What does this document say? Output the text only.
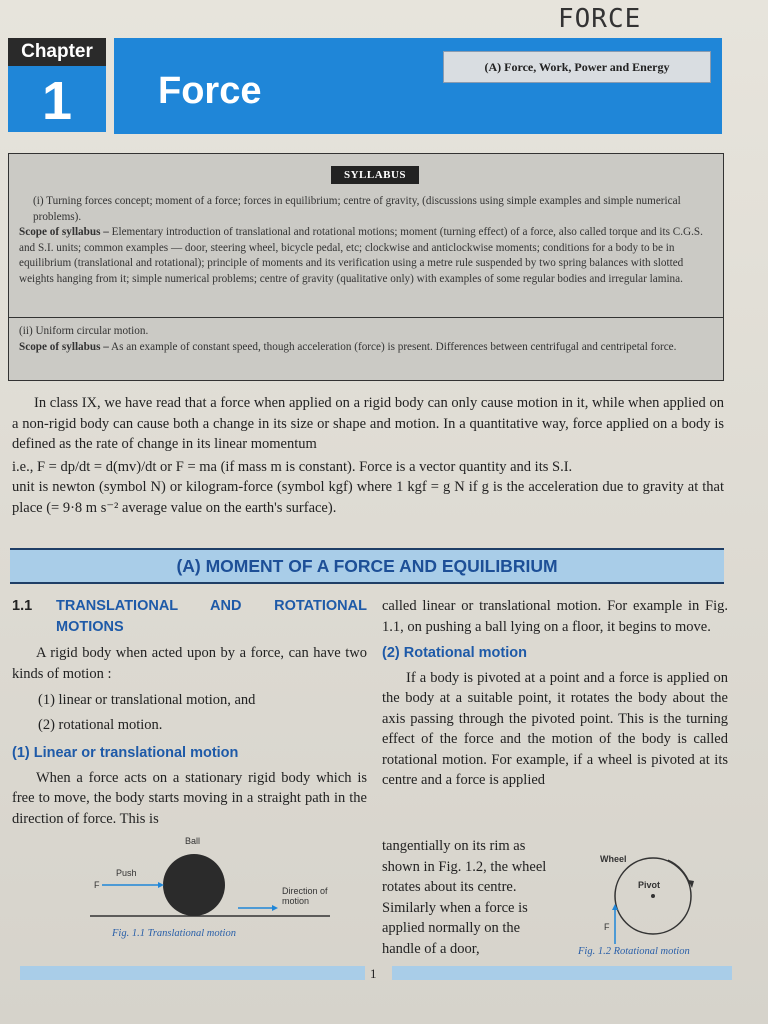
FORCE
Chapter
1	Force
(A) Force, Work, Power and Energy
SYLLABUS

(i) Turning forces concept; moment of a force; forces in equilibrium; centre of gravity, (discussions using simple examples and simple numerical problems).

Scope of syllabus – Elementary introduction of translational and rotational motions; moment (turning effect) of a force, also called torque and its C.G.S. and S.I. units; common examples — door, steering wheel, bicycle pedal, etc; clockwise and anticlockwise moments; conditions for a body to be in equilibrium (translational and rotational); principle of moments and its verification using a metre rule suspended by two spring balances with slotted weights hanging from it; simple numerical problems; centre of gravity (qualitative only) with examples of some regular bodies and irregular lamina.

(ii) Uniform circular motion.

Scope of syllabus – As an example of constant speed, though acceleration (force) is present. Differences between centrifugal and centripetal force.

In class IX, we have read that a force when applied on a rigid body can only cause motion in it, while when applied on a non-rigid body can cause both a change in its size or shape and motion. In a quantitative way, force applied on a body is defined as the rate of change in its linear momentum

i.e., F = dp/dt = d(mv)/dt or F = ma (if mass m is constant). Force is a vector quantity and its S.I.

unit is newton (symbol N) or kilogram-force (symbol kgf) where 1 kgf = g N if g is the acceleration due to gravity at that place (= 9·8 m s⁻² average value on the earth's surface).

(A) MOMENT OF A FORCE AND EQUILIBRIUM
1.1	TRANSLATIONAL AND ROTATIONAL MOTIONS

A rigid body when acted upon by a force, can have two kinds of motion :

(1) linear or translational motion, and

(2) rotational motion.

(1) Linear or translational motion

When a force acts on a stationary rigid body which is free to move, the body starts moving in a straight path in the direction of force. This is

Ball
Push
F
Direction of motion
Fig. 1.1 Translational motion

called linear or translational motion. For example in Fig. 1.1, on pushing a ball lying on a floor, it begins to move.

(2) Rotational motion

If a body is pivoted at a point and a force is applied on the body at a suitable point, it rotates the body about the axis passing through the pivoted point. This is the turning effect of the force and the motion of the body is called rotational motion. For example, if a wheel is pivoted at its centre and a force is applied

tangentially on its rim as shown in Fig. 1.2, the wheel rotates about its centre. Similarly when a force is applied normally on the handle of a door,

Wheel
Pivot
F
Fig. 1.2 Rotational motion
1
